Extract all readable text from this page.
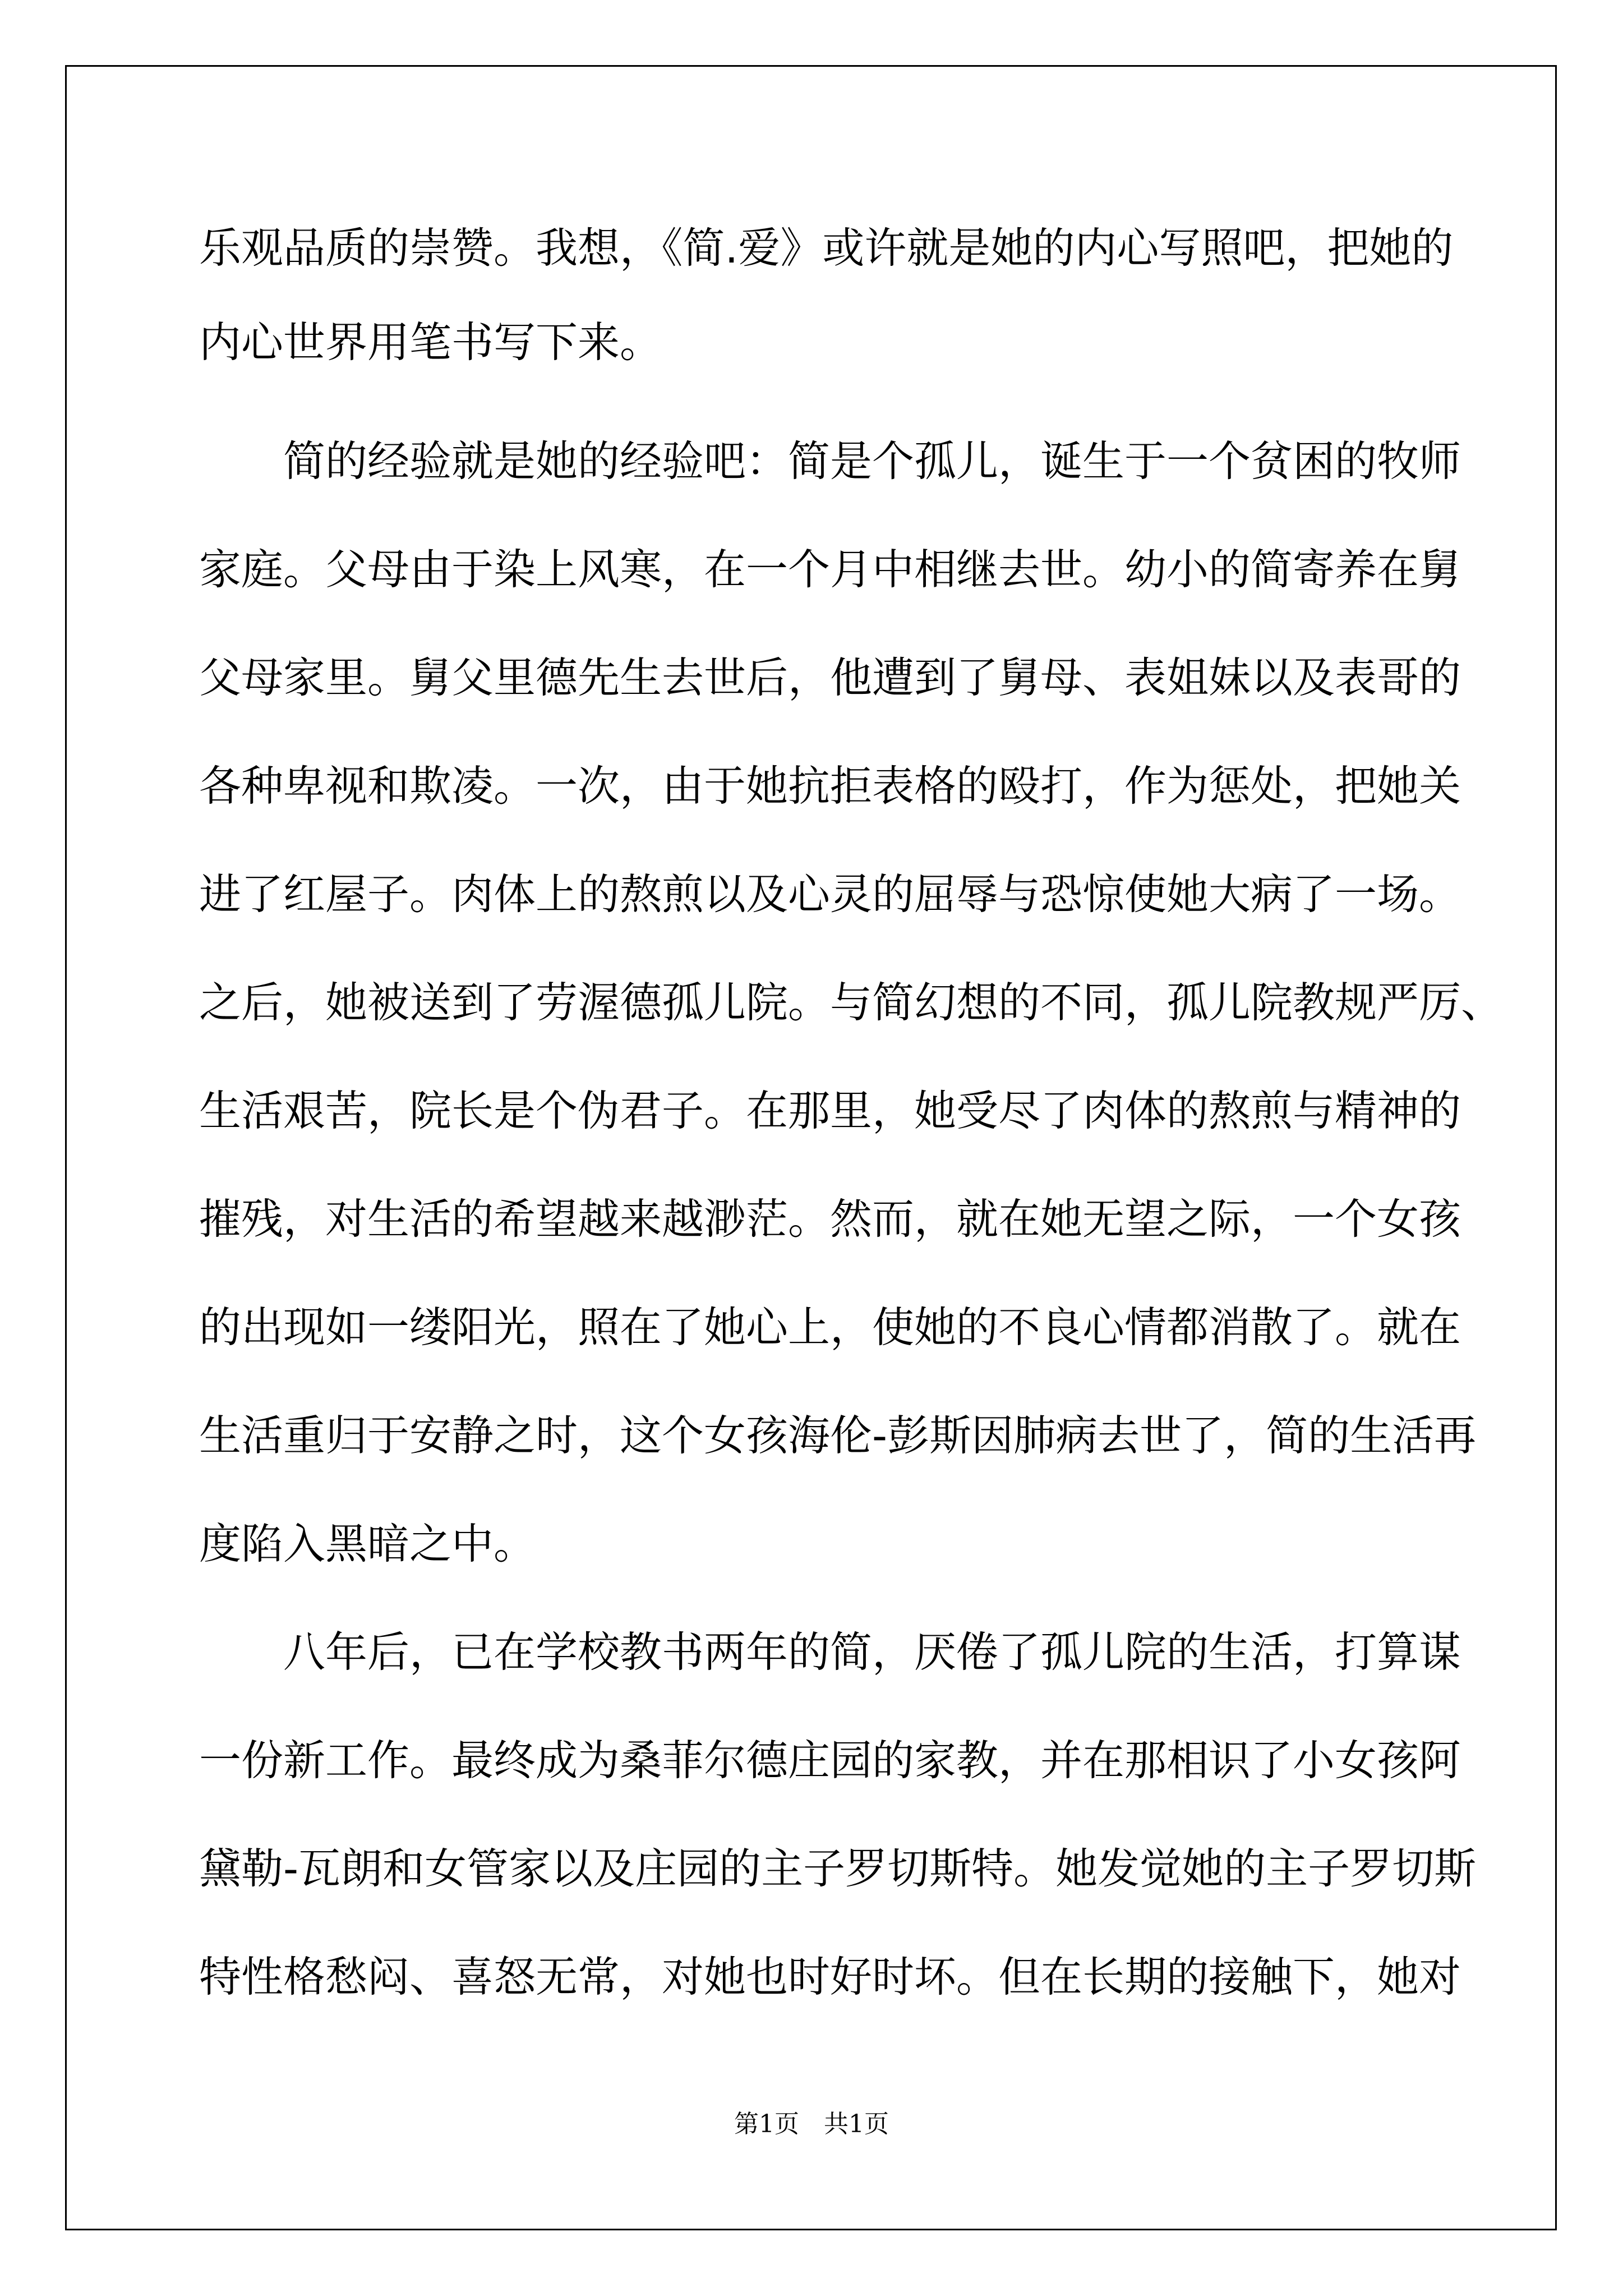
乐观品质的崇赞。我想，《简.爱》或许就是她的内心写照吧，把她的
内心世界用笔书写下来。
　　简的经验就是她的经验吧：简是个孤儿，诞生于一个贫困的牧师
家庭。父母由于染上风寒，在一个月中相继去世。幼小的简寄养在舅
父母家里。舅父里德先生去世后，他遭到了舅母、表姐妹以及表哥的
各种卑视和欺凌。一次，由于她抗拒表格的殴打，作为惩处，把她关
进了红屋子。肉体上的熬煎以及心灵的屈辱与恐惊使她大病了一场。
之后，她被送到了劳渥德孤儿院。与简幻想的不同，孤儿院教规严厉、
生活艰苦，院长是个伪君子。在那里，她受尽了肉体的熬煎与精神的
摧残，对生活的希望越来越渺茫。然而，就在她无望之际，一个女孩
的出现如一缕阳光，照在了她心上，使她的不良心情都消散了。就在
生活重归于安静之时，这个女孩海伦-彭斯因肺病去世了，简的生活再
度陷入黑暗之中。
　　八年后，已在学校教书两年的简，厌倦了孤儿院的生活，打算谋
一份新工作。最终成为桑菲尔德庄园的家教，并在那相识了小女孩阿
黛勒-瓦朗和女管家以及庄园的主子罗切斯特。她发觉她的主子罗切斯
特性格愁闷、喜怒无常，对她也时好时坏。但在长期的接触下，她对
第1页　共1页
